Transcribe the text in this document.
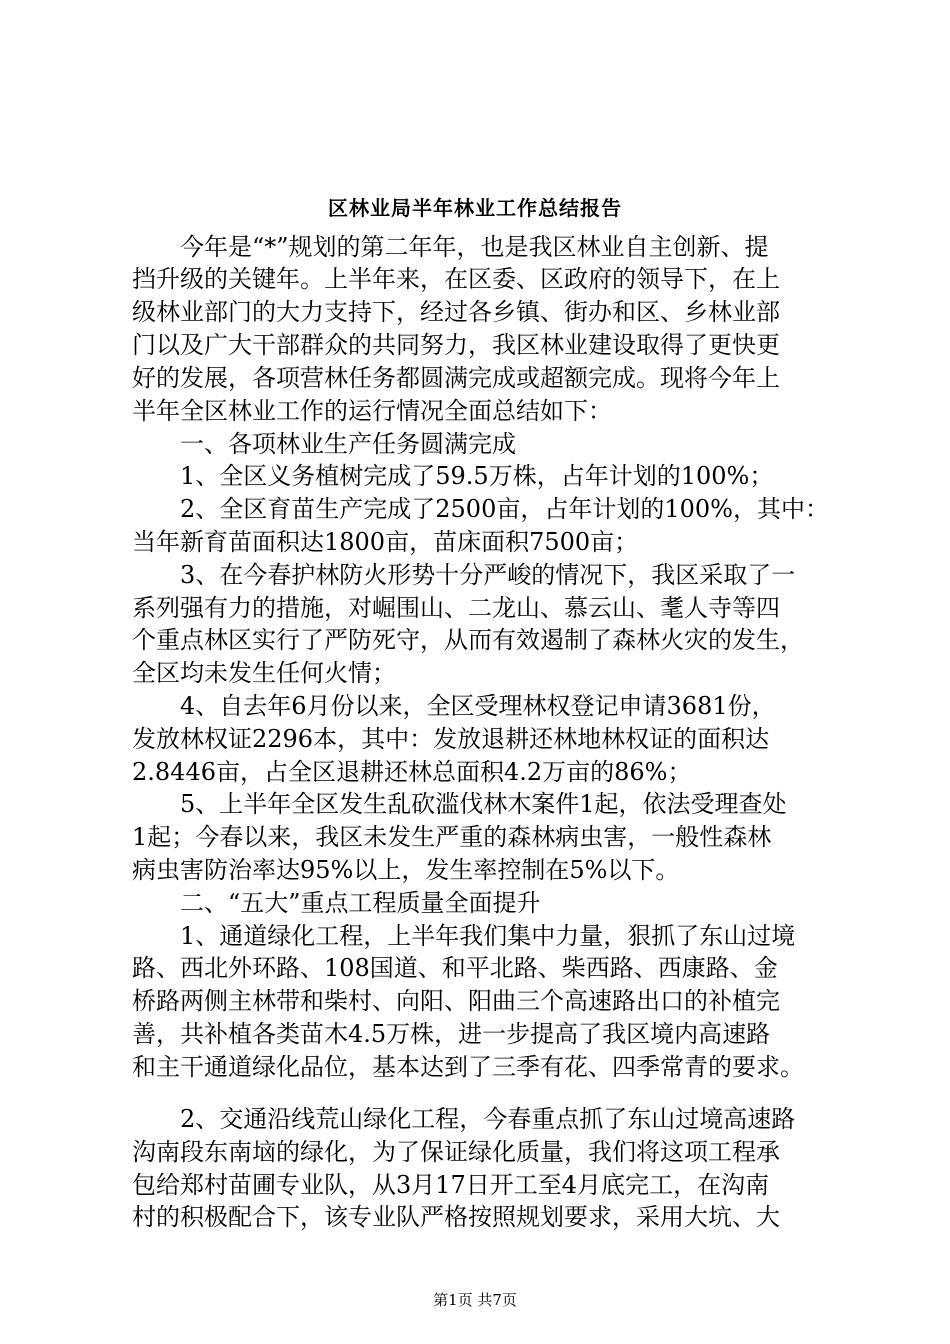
区林业局半年林业工作总结报告
今年是“*”规划的第二年年，也是我区林业自主创新、提
挡升级的关键年。上半年来，在区委、区政府的领导下，在上
级林业部门的大力支持下，经过各乡镇、街办和区、乡林业部
门以及广大干部群众的共同努力，我区林业建设取得了更快更
好的发展，各项营林任务都圆满完成或超额完成。现将今年上
半年全区林业工作的运行情况全面总结如下：
一、各项林业生产任务圆满完成
1、全区义务植树完成了59.5万株，占年计划的100%；
2、全区育苗生产完成了2500亩，占年计划的100%，其中：
当年新育苗面积达1800亩，苗床面积7500亩；
3、在今春护林防火形势十分严峻的情况下，我区采取了一
系列强有力的措施，对崛围山、二龙山、慕云山、耄人寺等四
个重点林区实行了严防死守，从而有效遏制了森林火灾的发生，
全区均未发生任何火情；
4、自去年6月份以来，全区受理林权登记申请3681份，
发放林权证2296本，其中：发放退耕还林地林权证的面积达
2.8446亩，占全区退耕还林总面积4.2万亩的86%；
5、上半年全区发生乱砍滥伐林木案件1起，依法受理查处
1起；今春以来，我区未发生严重的森林病虫害，一般性森林
病虫害防治率达95%以上，发生率控制在5%以下。
二、“五大”重点工程质量全面提升
1、通道绿化工程，上半年我们集中力量，狠抓了东山过境
路、西北外环路、108国道、和平北路、柴西路、西康路、金
桥路两侧主林带和柴村、向阳、阳曲三个高速路出口的补植完
善，共补植各类苗木4.5万株，进一步提高了我区境内高速路
和主干通道绿化品位，基本达到了三季有花、四季常青的要求。
2、交通沿线荒山绿化工程，今春重点抓了东山过境高速路
沟南段东南垴的绿化，为了保证绿化质量，我们将这项工程承
包给郑村苗圃专业队，从3月17日开工至4月底完工，在沟南
村的积极配合下，该专业队严格按照规划要求，采用大坑、大
第1页 共7页
